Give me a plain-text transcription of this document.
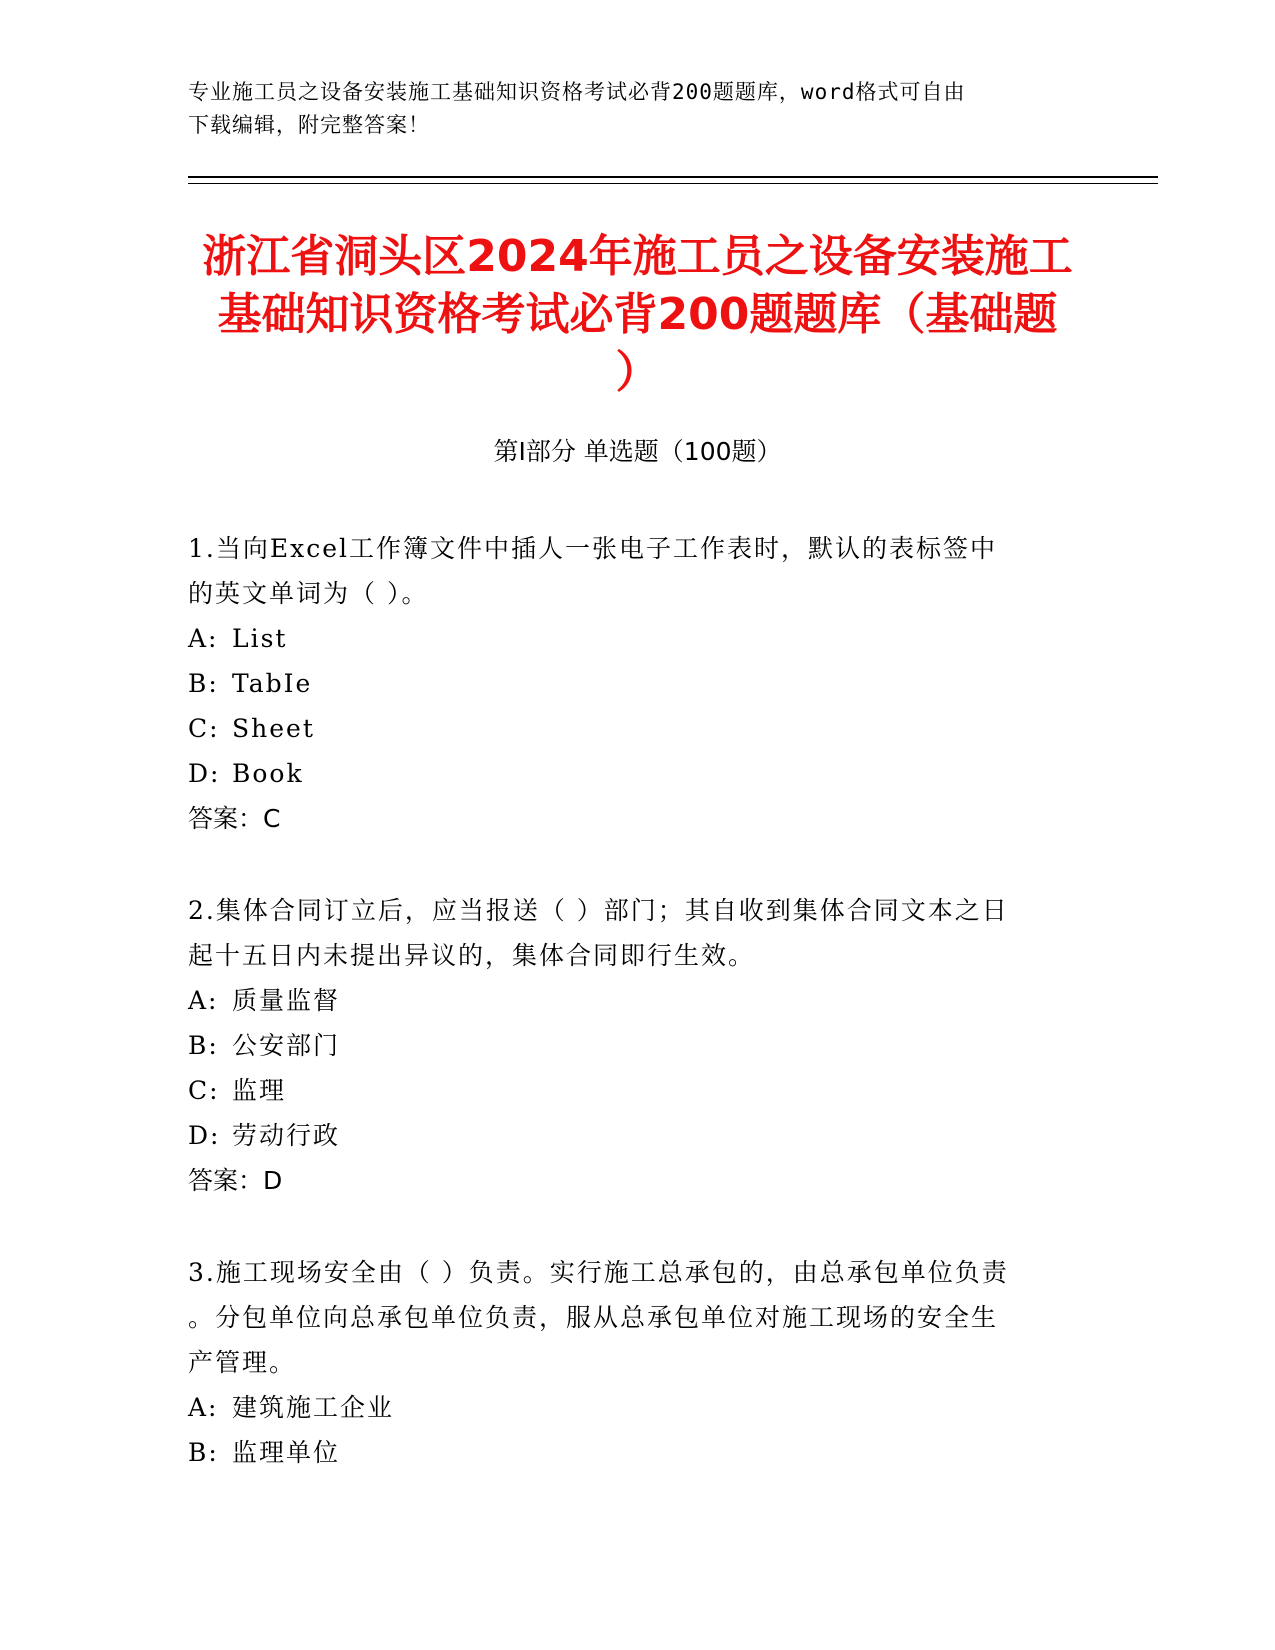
专业施工员之设备安装施工基础知识资格考试必背200题题库，word格式可自由
下载编辑，附完整答案！
浙江省洞头区2024年施工员之设备安装施工
基础知识资格考试必背200题题库（基础题
）
第I部分 单选题（100题）
1.当向Excel工作簿文件中插人一张电子工作表时，默认的表标签中
的英文单词为（ ）。
A: List
B: TabIe
C: Sheet
D: Book
答案：C
2.集体合同订立后，应当报送（ ）部门；其自收到集体合同文本之日
起十五日内未提出异议的，集体合同即行生效。
A: 质量监督
B: 公安部门
C: 监理
D: 劳动行政
答案：D
3.施工现场安全由（ ）负责。实行施工总承包的，由总承包单位负责
。分包单位向总承包单位负责，服从总承包单位对施工现场的安全生
产管理。
A: 建筑施工企业
B: 监理单位
